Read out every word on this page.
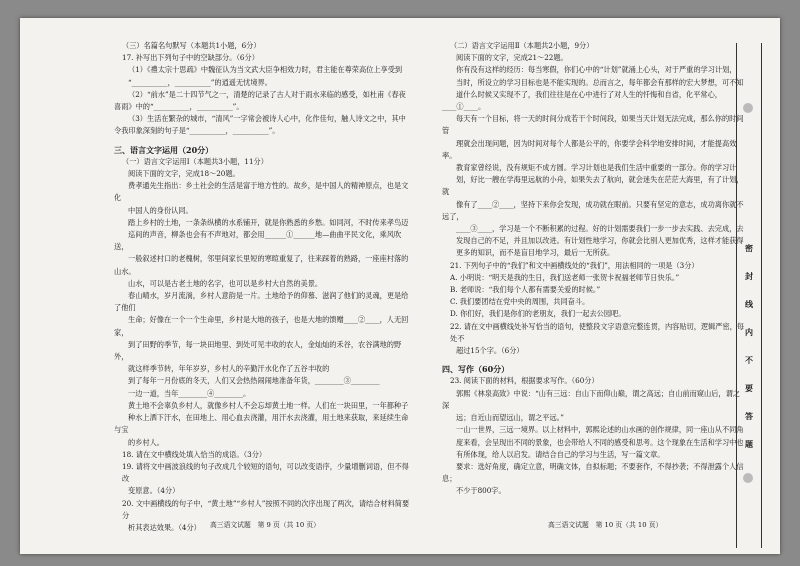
（三）名篇名句默写（本题共1小题，6分）

17. 补写出下列句子中的空缺部分。（6分）

（1）《禮太宗十思疏》中魏征认为当文武大臣争相效力时，君主能在尊荣高位上享受到

“__________，__________”的逍遥无忧境界。

（2）“前水”是二十四节气之一，清楚的记录了古人对于雨水来临的感受，如杜甫《春夜喜雨》中的“__________，__________”。

（3）生活在繁杂的城市，“清风”一字常会被诗人心中，化作佳句，触人诗文之中，其中令我印象深刻的句子是“__________，__________”。

三、语言文字运用（20分）

（一）语言文字运用Ⅰ（本题共3小题，11分）

阅读下面的文字，完成18～20题。

费孝通先生指出：乡土社会的生活是富于地方性的。故乡，是中国人的精神原点，也是文化

中国人的身份认同。

踏上乡村的土地，一条条纵横的水系铺开，就是你熟悉的乡愁。如同河，不时传来孝鸟迈

巡间的声音，柳条也会有不声地对，都会用______①______地—曲曲平民文化，乘风吹送，

一般叙述村口的老槐树，邻里间家长里短的寒暄重复了，往来踩着的熟路，一座座村落的山水。

山水，可以是古老土地的名字，也可以是乡村大自然的美景。

春山晴水，岁月流淌，乡村人意韵是一片。土地给予的仰慕、滋润了他们的灵魂，更是给了他们

生命；好像在一个一个生命里，乡村是大地的孩子，也是大地的馈赠____②____，人无回家，

到了田野的季节，每一块田地里、到处可见丰收的农人，金灿灿的禾谷，农谷满地的野外，

就这样季节转，年年岁岁，乡村人的辛勤汗水化作了五谷丰收的

到了每年一月份底的冬天，人们又会热热闹闹地准备年货，________③________

一边一道，当年________④________。

黄土地不会辜负乡村人，就像乡村人不会忘却黄土地一样。人们在一块田里，一年都种子

种水上洒下汗水，在田地上、用心血去浇灌，用汗水去浇灌，用土地来获取，来延续生命与宝

的乡村人。

18. 请在文中横线处填入恰当的成语。（3分）

19. 请将文中画波浪线的句子改成几个较短的语句，可以改变语序，少量增删词语，但不得改

变原意。（4分）

20. 文中画横线的句子中，“黄土地”“乡村人”按照不同的次序出现了两次，请结合材料简要分

析其表达效果。（4分）

（二）语言文字运用Ⅱ（本题共2小题，9分）

阅读下面的文字，完成21～22题。

你有没有这样的经历：每当寒假，你们心中的“计划”就涌上心头，对于严重的学习计划，

当时，所设立的学习目标也是不能实现的。总而言之，每年都会有那样的宏大梦想，可不知

道什么时候又实现不了，我们往往是在心中进行了对人生的忏悔和自省，化平常心，____①____。

每天有一个目标，将一天的时间分成若干个时间段，如果当天计划无法完成，那么你的时间管

理就会出现问题，因为时间对每个人都是公平的，你要学会科学地安排时间，才能提高效率。

教育家曾经说，没有规矩不成方圆。学习计划也是我们生活中重要的一部分。你的学习计

划，好比一艘在学海里远航的小舟，如果失去了航向，就会迷失在茫茫大海里，有了计划，就

像有了____②____，坚持下来你会发现，成功就在眼前。只要有坚定的意志，成功离你就不远了，

____③____，学习是一个不断积累的过程。好的计划需要我们一步一步去实践、去完成，去

发现自己的不足，并且加以改进。有计划性地学习，你就会比别人更加优秀，这样才能获得

更多的知识，而不是盲目地学习，最后一无所获。

21. 下列句子中的“我们”和文中画横线处的“我们”，用法相同的一项是（3分）

A. 小明说：“明天是我的生日，我们送老师一张贺卡祝福老师节日快乐。”

B. 老师说：“我们每个人都有需要关爱的时候。”

C. 我们要团结在党中央的周围，共同奋斗。

D. 你们好，我们是你们的老朋友，我们一起去公园吧。

22. 请在文中画横线处补写恰当的语句，使整段文字语意完整连贯，内容贴切，逻辑严密，每处不

超过15个字。（6分）

四、写作（60分）

23. 阅读下面的材料，根据要求写作。（60分）

郭熙《林泉高致》中说：“山有三远：自山下而仰山巅，谓之高远；自山前而窥山后，谓之深

远；自近山而望远山，谓之平远。”

一山一世界，三远一境界。以上材料中，郭熙论述的山水画的创作规律，同一座山从不同角

度来看，会呈现出不同的景象，也会带给人不同的感受和思考。这个现象在生活和学习中也

有所体现，给人以启发。请结合自己的学习与生活，写一篇文章。

要求：选好角度，确定立意，明确文体，自拟标题；不要套作，不得抄袭；不得泄露个人信息；

不少于800字。

高三语文试题　第 9 页（共 10 页）	高三语文试题　第 10 页（共 10 页）
密
封
线
内
不
要
答
题
